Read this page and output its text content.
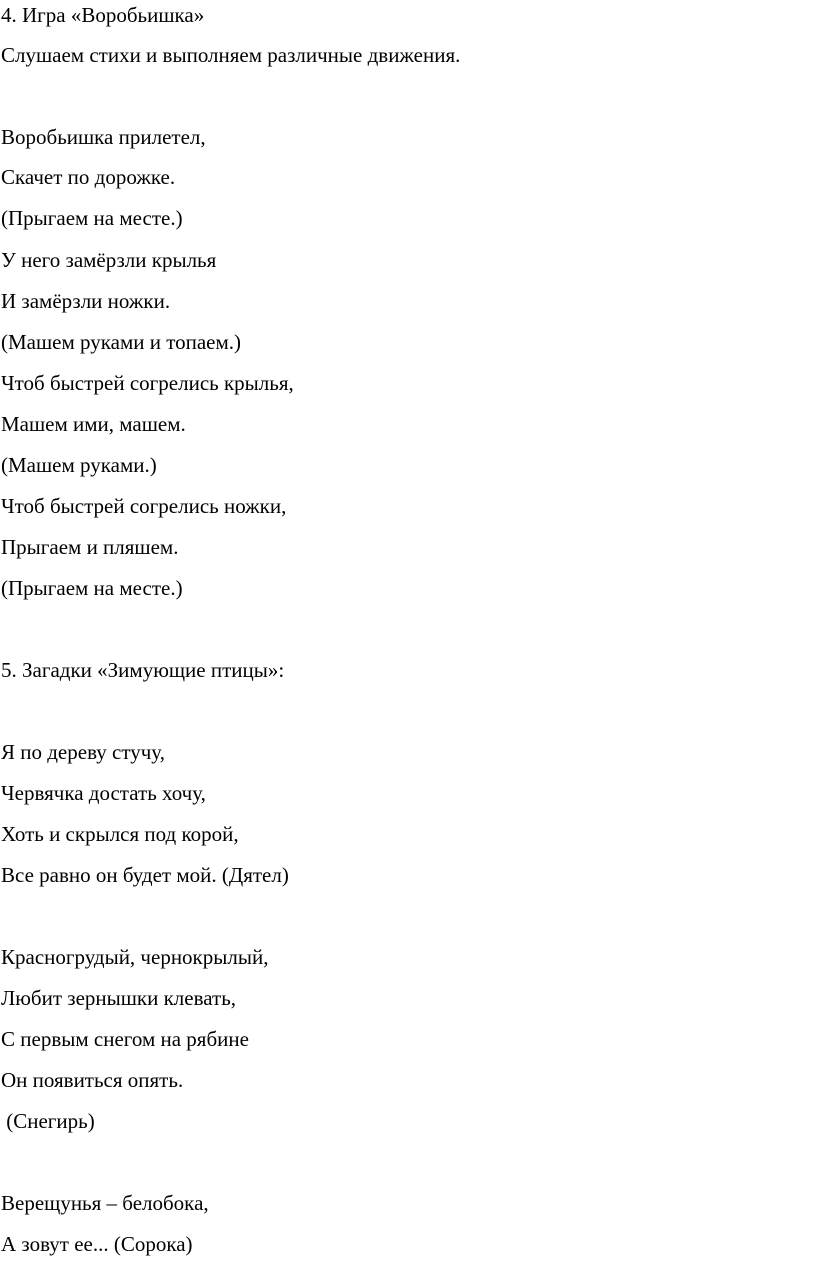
4. Игра «Воробьишка»

Слушаем стихи и выполняем различные движения.

Воробьишка прилетел,

Скачет по дорожке.

(Прыгаем на месте.)

У него замёрзли крылья

И замёрзли ножки.

(Машем руками и топаем.)

Чтоб быстрей согрелись крылья,

Машем ими, машем.

(Машем руками.)

Чтоб быстрей согрелись ножки,

Прыгаем и пляшем.

(Прыгаем на месте.)

5. Загадки «Зимующие птицы»:

Я по дереву стучу,

Червячка достать хочу,

Хоть и скрылся под корой,

Все равно он будет мой. (Дятел)

Красногрудый, чернокрылый,

Любит зернышки клевать,

С первым снегом на рябине

Он появиться опять.

(Снегирь)

Верещунья – белобока,

А зовут ее... (Сорока)
